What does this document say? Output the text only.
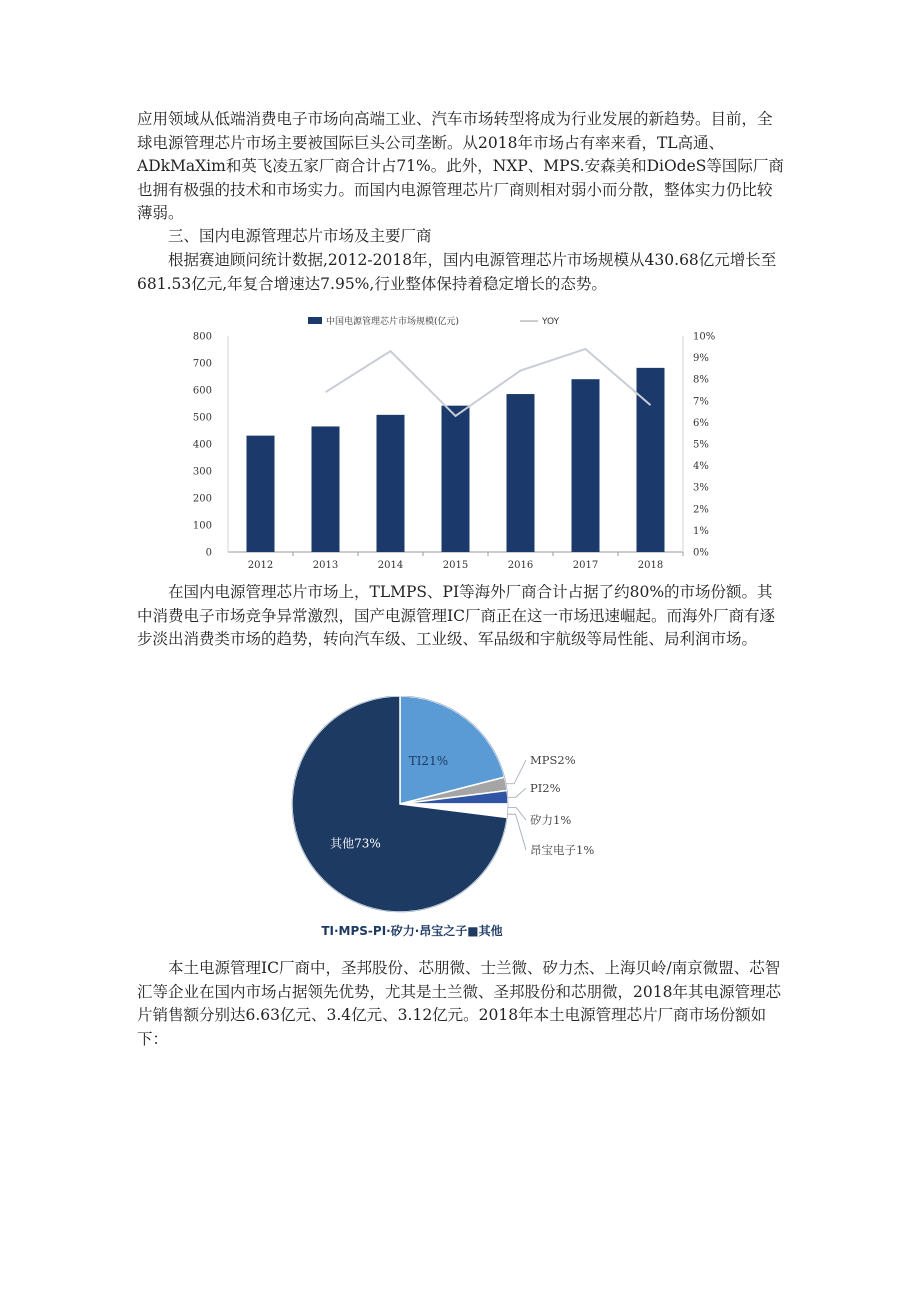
应用领域从低端消费电子市场向高端工业、汽车市场转型将成为行业发展的新趋势。目前，全球电源管理芯片市场主要被国际巨头公司垄断。从2018年市场占有率来看，TL高通、ADkMaXim和英飞凌五家厂商合计占71%。此外，NXP、MPS.安森美和DiOdeS等国际厂商也拥有极强的技术和市场实力。而国内电源管理芯片厂商则相对弱小而分散，整体实力仍比较薄弱。

三、国内电源管理芯片市场及主要厂商

根据赛迪顾问统计数据,2012-2018年，国内电源管理芯片市场规模从430.68亿元增长至681.53亿元,年复合增速达7.95%,行业整体保持着稳定增长的态势。

0
100
200
300
400
500
600
700
800
0%
1%
2%
3%
4%
5%
6%
7%
8%
9%
10%
2012	2013	2014	2015	2016	2017	2018
中国电源管理芯片市场规模(亿元)	YOY

在国内电源管理芯片市场上，TLMPS、PI等海外厂商合计占据了约80%的市场份额。其中消费电子市场竞争异常激烈，国产电源管理IC厂商正在这一市场迅速崛起。而海外厂商有逐步淡出消费类市场的趋势，转向汽车级、工业级、军品级和宇航级等局性能、局利润市场。

TI21%
其他73%
MPS2%
PI2%
矽力1%
昂宝电子1%
TI·MPS-PI·矽力·昂宝之子■其他

本土电源管理IC厂商中，圣邦股份、芯朋微、士兰微、矽力杰、上海贝岭/南京微盟、芯智汇等企业在国内市场占据领先优势，尤其是土兰微、圣邦股份和芯朋微，2018年其电源管理芯片销售额分别达6.63亿元、3.4亿元、3.12亿元。2018年本土电源管理芯片厂商市场份额如下：
